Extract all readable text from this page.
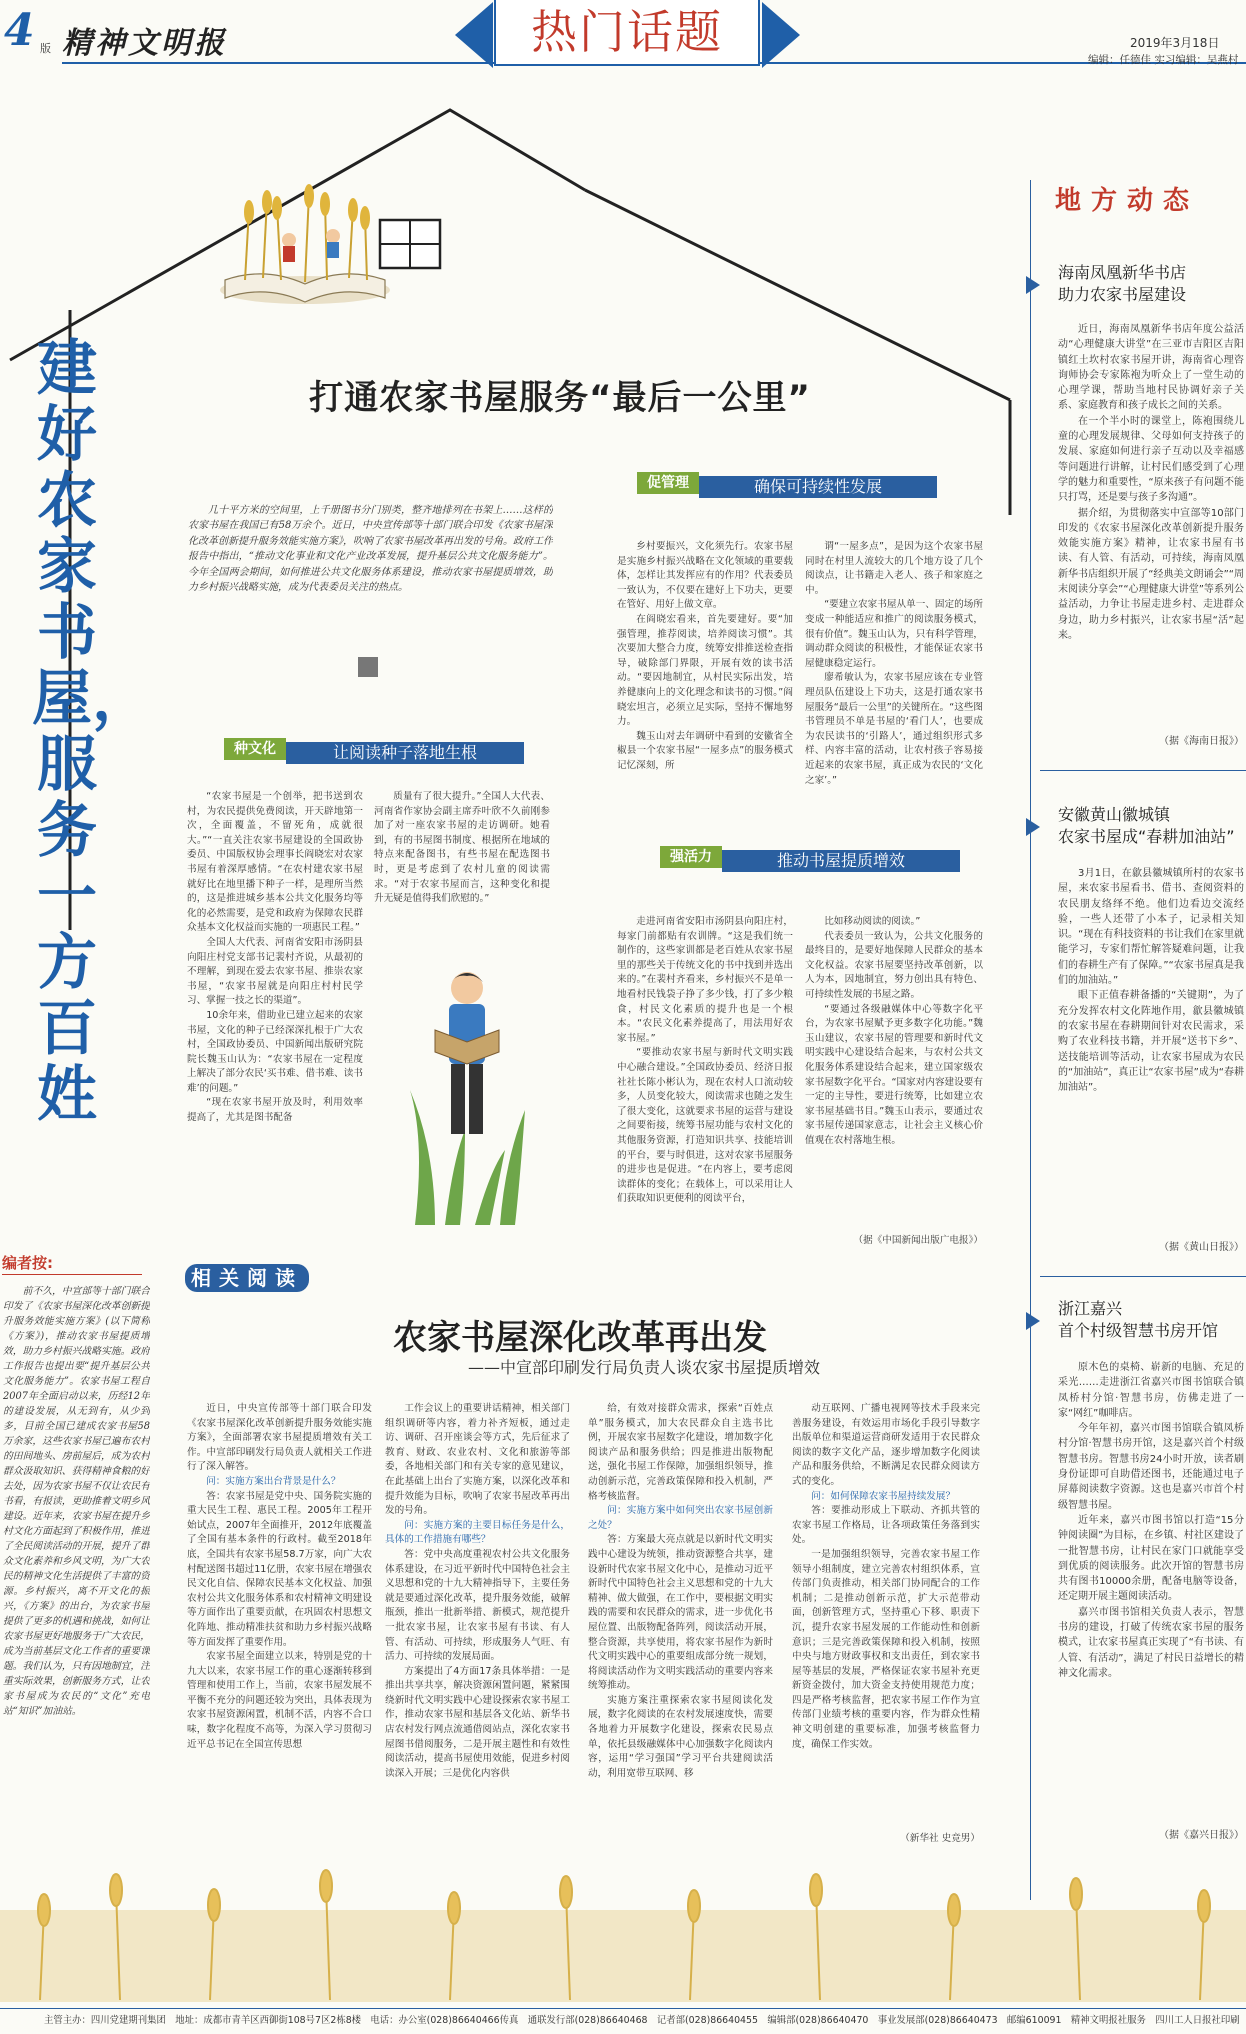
4 版 精神文明报	热门话题	2019年3月18日
编辑：任德佳 实习编辑：吴燕村
建好农家书屋，服务一方百姓
打通农家书屋服务“最后一公里”
几十平方米的空间里，上千册图书分门别类，整齐地排列在书架上……这样的农家书屋在我国已有58万余个。近日，中央宣传部等十部门联合印发《农家书屋深化改革创新提升服务效能实施方案》，吹响了农家书屋改革再出发的号角。政府工作报告中指出，“推动文化事业和文化产业改革发展，提升基层公共文化服务能力”。今年全国两会期间，如何推进公共文化服务体系建设，推动农家书屋提质增效，助力乡村振兴战略实施，成为代表委员关注的热点。
种文化	让阅读种子落地生根

“农家书屋是一个创举，把书送到农村，为农民提供免费阅读，开天辟地第一次，全面覆盖，不留死角，成就很大。”“一直关注农家书屋建设的全国政协委员、中国版权协会理事长阎晓宏对农家书屋有着深厚感情。“在农村建农家书屋就好比在地里播下种子一样，是理所当然的，这是推进城乡基本公共文化服务均等化的必然需要，是党和政府为保障农民群众基本文化权益而实施的一项惠民工程。”

全国人大代表、河南省安阳市汤阴县向阳庄村党支部书记裴村齐说，从最初的不理解，到现在爱去农家书屋、推崇农家书屋，“农家书屋就是向阳庄村村民学习、掌握一技之长的渠道”。

10余年来，借助业已建立起来的农家书屋，文化的种子已经深深扎根于广大农村，全国政协委员、中国新闻出版研究院院长魏玉山认为：“农家书屋在一定程度上解决了部分农民‘买书难、借书难、读书难’的问题。”

“现在农家书屋开放及时，利用效率提高了，尤其是图书配备

质量有了很大提升。”全国人大代表、河南省作家协会副主席乔叶欣不久前刚参加了对一座农家书屋的走访调研。她看到，有的书屋图书制度、根据所在地域的特点来配备图书，有些书屋在配选图书时，更是考虑到了农村儿童的阅读需求。“对于农家书屋而言，这种变化和提升无疑是值得我们欣慰的。”

促管理	确保可持续性发展

乡村要振兴，文化须先行。农家书屋是实施乡村振兴战略在文化领域的重要载体，怎样让其发挥应有的作用？代表委员一致认为，不仅要在建好上下功夫，更要在管好、用好上做文章。

在阎晓宏看来，首先要建好。要“加强管理，推荐阅读，培养阅读习惯”。其次要加大整合力度，统筹安排推送检查指导，破除部门界限，开展有效的读书活动。“要因地制宜，从村民实际出发，培养健康向上的文化理念和读书的习惯。”阎晓宏坦言，必须立足实际，坚持不懈地努力。

魏玉山对去年调研中看到的安徽省全椒县一个农家书屋“一屋多点”的服务模式记忆深刻，所

谓“一屋多点”，是因为这个农家书屋同时在村里人流较大的几个地方设了几个阅读点，让书籍走入老人、孩子和家庭之中。

“要建立农家书屋从单一、固定的场所变成一种能适应和推广的阅读服务模式，很有价值”。魏玉山认为，只有科学管理，调动群众阅读的积极性，才能保证农家书屋健康稳定运行。

廖希敏认为，农家书屋应该在专业管理员队伍建设上下功夫，这是打通农家书屋服务“最后一公里”的关键所在。“这些图书管理员不单是书屋的‘看门人’，也要成为农民读书的‘引路人’，通过组织形式多样、内容丰富的活动，让农村孩子容易接近起来的农家书屋，真正成为农民的‘文化之家’。”

强活力	推动书屋提质增效

走进河南省安阳市汤阴县向阳庄村，每家门前都贴有农训牌。“这是我们统一制作的，这些家训都是老百姓从农家书屋里的那些关于传统文化的书中找到并选出来的。”在裴村齐看来，乡村振兴不是单一地看村民钱袋子挣了多少钱，打了多少粮食，村民文化素质的提升也是一个根本。“农民文化素养提高了，用法用好农家书屋。”

“要推动农家书屋与新时代文明实践中心融合建设。”全国政协委员、经济日报社社长陈小彬认为，现在农村人口流动较多，人员变化较大，阅读需求也随之发生了很大变化，这就要求书屋的运营与建设之间要衔接，统筹书屋功能与农村文化的其他服务资源，打造知识共享、技能培训的平台，要与时俱进，这对农家书屋服务的进步也是促进。“在内容上，要考虑阅读群体的变化；在载体上，可以采用让人们获取知识更便利的阅读平台，

比如移动阅读的阅读。”

代表委员一致认为，公共文化服务的最终目的，是要好地保障人民群众的基本文化权益。农家书屋要坚持改革创新，以人为本，因地制宜，努力创出具有特色、可持续性发展的书屋之路。

“要通过各级融媒体中心等数字化平台，为农家书屋赋予更多数字化功能。”魏玉山建议，农家书屋的管理要和新时代文明实践中心建设结合起来，与农村公共文化服务体系建设结合起来，建立国家级农家书屋数字化平台。“国家对内容建设要有一定的主导性，要进行统筹，比如建立农家书屋基础书目。”魏玉山表示，要通过农家书屋传递国家意志，让社会主义核心价值观在农村落地生根。

（据《中国新闻出版广电报》）
相关阅读
农家书屋深化改革再出发
——中宣部印刷发行局负责人谈农家书屋提质增效

近日，中央宣传部等十部门联合印发《农家书屋深化改革创新提升服务效能实施方案》，全面部署农家书屋提质增效有关工作。中宣部印刷发行局负责人就相关工作进行了深入解答。

问：实施方案出台背景是什么？

答：农家书屋是党中央、国务院实施的重大民生工程、惠民工程。2005年工程开始试点，2007年全面推开，2012年底覆盖了全国有基本条件的行政村。截至2018年底，全国共有农家书屋58.7万家，向广大农村配送图书超过11亿册，农家书屋在增强农民文化自信、保障农民基本文化权益、加强农村公共文化服务体系和农村精神文明建设等方面作出了重要贡献，在巩固农村思想文化阵地、推动精准扶贫和助力乡村振兴战略等方面发挥了重要作用。

农家书屋全面建立以来，特别是党的十九大以来，农家书屋工作的重心逐渐转移到管理和使用工作上，当前，农家书屋发展不平衡不充分的问题还较为突出，具体表现为农家书屋资源闲置，机制不活，内容不合口味，数字化程度不高等，为深入学习贯彻习近平总书记在全国宣传思想

工作会议上的重要讲话精神，相关部门组织调研等内容，着力补齐短板，通过走访、调研、召开座谈会等方式，先后征求了教育、财政、农业农村、文化和旅游等部委，各地相关部门和有关专家的意见建议，在此基础上出台了实施方案，以深化改革和提升效能为目标，吹响了农家书屋改革再出发的号角。

问：实施方案的主要目标任务是什么，具体的工作措施有哪些？

答：党中央高度重视农村公共文化服务体系建设，在习近平新时代中国特色社会主义思想和党的十九大精神指导下，主要任务就是要通过深化改革，提升服务效能，破解瓶颈，推出一批新举措、新模式，规范提升一批农家书屋，让农家书屋有书读、有人管、有活动、可持续，形成服务人气旺、有活力、可持续的发展局面。

方案提出了4方面17条具体举措：一是推出共享共享，解决资源闲置问题，紧紧围绕新时代文明实践中心建设探索农家书屋工作，推动农家书屋和基层各文化站、新华书店农村发行网点流通借阅站点，深化农家书屋图书借阅服务，二是开展主题性和有效性阅读活动，提高书屋使用效能，促进乡村阅读深入开展；三是优化内容供

给，有效对接群众需求，探索“百姓点单”服务模式，加大农民群众自主选书比例，开展农家书屋数字化建设，增加数字化阅读产品和服务供给；四是推进出版物配送，强化书屋工作保障，加强组织领导，推动创新示范，完善政策保障和投入机制，严格考核监督。

问：实施方案中如何突出农家书屋创新之处？

答：方案最大亮点就是以新时代文明实践中心建设为统领，推动资源整合共享，建设新时代农家书屋文化中心，是推动习近平新时代中国特色社会主义思想和党的十九大精神、做大做强，在工作中，要根据文明实践的需要和农民群众的需求，进一步优化书屋位置、出版物配备阵列，阅读活动开展，整合资源，共享使用，将农家书屋作为新时代文明实践中心的重要组成部分统一规划，将阅读活动作为文明实践活动的重要内容来统筹推动。

实施方案注重探索农家书屋阅读化发展，数字化阅读的在农村发展速度快，需要各地着力开展数字化建设，探索农民易点单，依托县级融媒体中心加强数字化阅读内容，运用“学习强国”学习平台共建阅读活动，利用宽带互联网、移

动互联网、广播电视网等技术手段来完善服务建设，有效运用市场化手段引导数字出版单位和渠道运营商研发适用于农民群众阅读的数字文化产品，逐步增加数字化阅读产品和服务供给，不断满足农民群众阅读方式的变化。

问：如何保障农家书屋持续发展？

答：要推动形成上下联动、齐抓共管的农家书屋工作格局，让各项政策任务落到实处。

一是加强组织领导，完善农家书屋工作领导小组制度，建立完善农村组织体系，宣传部门负责推动，相关部门协同配合的工作机制；二是推动创新示范，扩大示范带动面，创新管理方式，坚持重心下移、职责下沉，提升农家书屋发展的工作能动性和创新意识；三是完善政策保障和投入机制，按照中央与地方财政事权和支出责任，到农家书屋等基层的发展，严格保证农家书屋补充更新资金拨付，加大资金支持使用规范力度；四是严格考核监督，把农家书屋工作作为宣传部门业绩考核的重要内容，作为群众性精神文明创建的重要标准，加强考核监督力度，确保工作实效。

（新华社 史竞男）
编者按:
前不久，中宣部等十部门联合印发了《农家书屋深化改革创新提升服务效能实施方案》(以下简称《方案》)，推动农家书屋提质增效，助力乡村振兴战略实施。政府工作报告也提出要“提升基层公共文化服务能力”。农家书屋工程自2007年全面启动以来，历经12年的建设发展，从无到有，从少到多，目前全国已建成农家书屋58万余家，这些农家书屋已遍布农村的田间地头、房前屋后，成为农村群众汲取知识、获得精神食粮的好去处，因为农家书屋不仅让农民有书看，有报读，更助推着文明乡风建设。近年来，农家书屋在提升乡村文化方面起到了积极作用，推进了全民阅读活动的开展，提升了群众文化素养和乡风文明，为广大农民的精神文化生活提供了丰富的资源。乡村振兴，离不开文化的振兴，《方案》的出台，为农家书屋提供了更多的机遇和挑战，如何让农家书屋更好地服务于广大农民，成为当前基层文化工作者的重要课题。我们认为，只有因地制宜，注重实际效果，创新服务方式，让农家书屋成为农民的“文化”充电站“知识”加油站。
地方动态
海南凤凰新华书店
助力农家书屋建设

近日，海南凤凰新华书店年度公益活动“心理健康大讲堂”在三亚市吉阳区吉阳镇红土坎村农家书屋开讲，海南省心理咨询师协会专家陈袍为听众上了一堂生动的心理学课，帮助当地村民协调好亲子关系、家庭教育和孩子成长之间的关系。

在一个半小时的课堂上，陈袍围绕儿童的心理发展规律、父母如何支持孩子的发展、家庭如何进行亲子互动以及幸福感等问题进行讲解，让村民们感受到了心理学的魅力和重要性，“原来孩子有问题不能只打骂，还是要与孩子多沟通”。

据介绍，为贯彻落实中宣部等10部门印发的《农家书屋深化改革创新提升服务效能实施方案》精神，让农家书屋有书读、有人管、有活动，可持续，海南凤凰新华书店组织开展了“经典美文朗诵会”“周末阅读分享会”“心理健康大讲堂”等系列公益活动，力争让书屋走进乡村、走进群众身边，助力乡村振兴，让农家书屋“活”起来。

（据《海南日报》）
安徽黄山徽城镇
农家书屋成“春耕加油站”

3月1日，在歙县徽城镇所村的农家书屋，来农家书屋看书、借书、查阅资料的农民朋友络绎不绝。他们边看边交流经验，一些人还带了小本子，记录相关知识。“现在有科技资料的书让我们在家里就能学习，专家们帮忙解答疑难问题，让我们的春耕生产有了保障。”“农家书屋真是我们的加油站。”

眼下正值春耕备播的“关键期”，为了充分发挥农村文化阵地作用，歙县徽城镇的农家书屋在春耕期间针对农民需求，采购了农业科技书籍，并开展“送书下乡”、送技能培训等活动，让农家书屋成为农民的“加油站”，真正让“农家书屋”成为“春耕加油站”。

（据《黄山日报》）
浙江嘉兴
首个村级智慧书房开馆

原木色的桌椅、崭新的电脑、充足的采光……走进浙江省嘉兴市图书馆联合镇凤桥村分馆·智慧书房，仿佛走进了一家“网红”咖啡店。

今年年初，嘉兴市图书馆联合镇凤桥村分馆·智慧书房开馆，这是嘉兴首个村级智慧书房。智慧书房24小时开放，读者刷身份证即可自助借还图书，还能通过电子屏幕阅读数字资源。这也是嘉兴市首个村级智慧书屋。

近年来，嘉兴市图书馆以打造“15分钟阅读圈”为目标，在乡镇、村社区建设了一批智慧书房，让村民在家门口就能享受到优质的阅读服务。此次开馆的智慧书房共有图书10000余册，配备电脑等设备，还定期开展主题阅读活动。

嘉兴市图书馆相关负责人表示，智慧书房的建设，打破了传统农家书屋的服务模式，让农家书屋真正实现了“有书读、有人管、有活动”，满足了村民日益增长的精神文化需求。

（据《嘉兴日报》）
主管主办：四川党建期刊集团　地址：成都市青羊区西御街108号7区2栋8楼　电话：办公室(028)86640466传真　通联发行部(028)86640468　记者部(028)86640455　编辑部(028)86640470　事业发展部(028)86640473　邮编610091　精神文明报社服务　四川工人日报社印刷
